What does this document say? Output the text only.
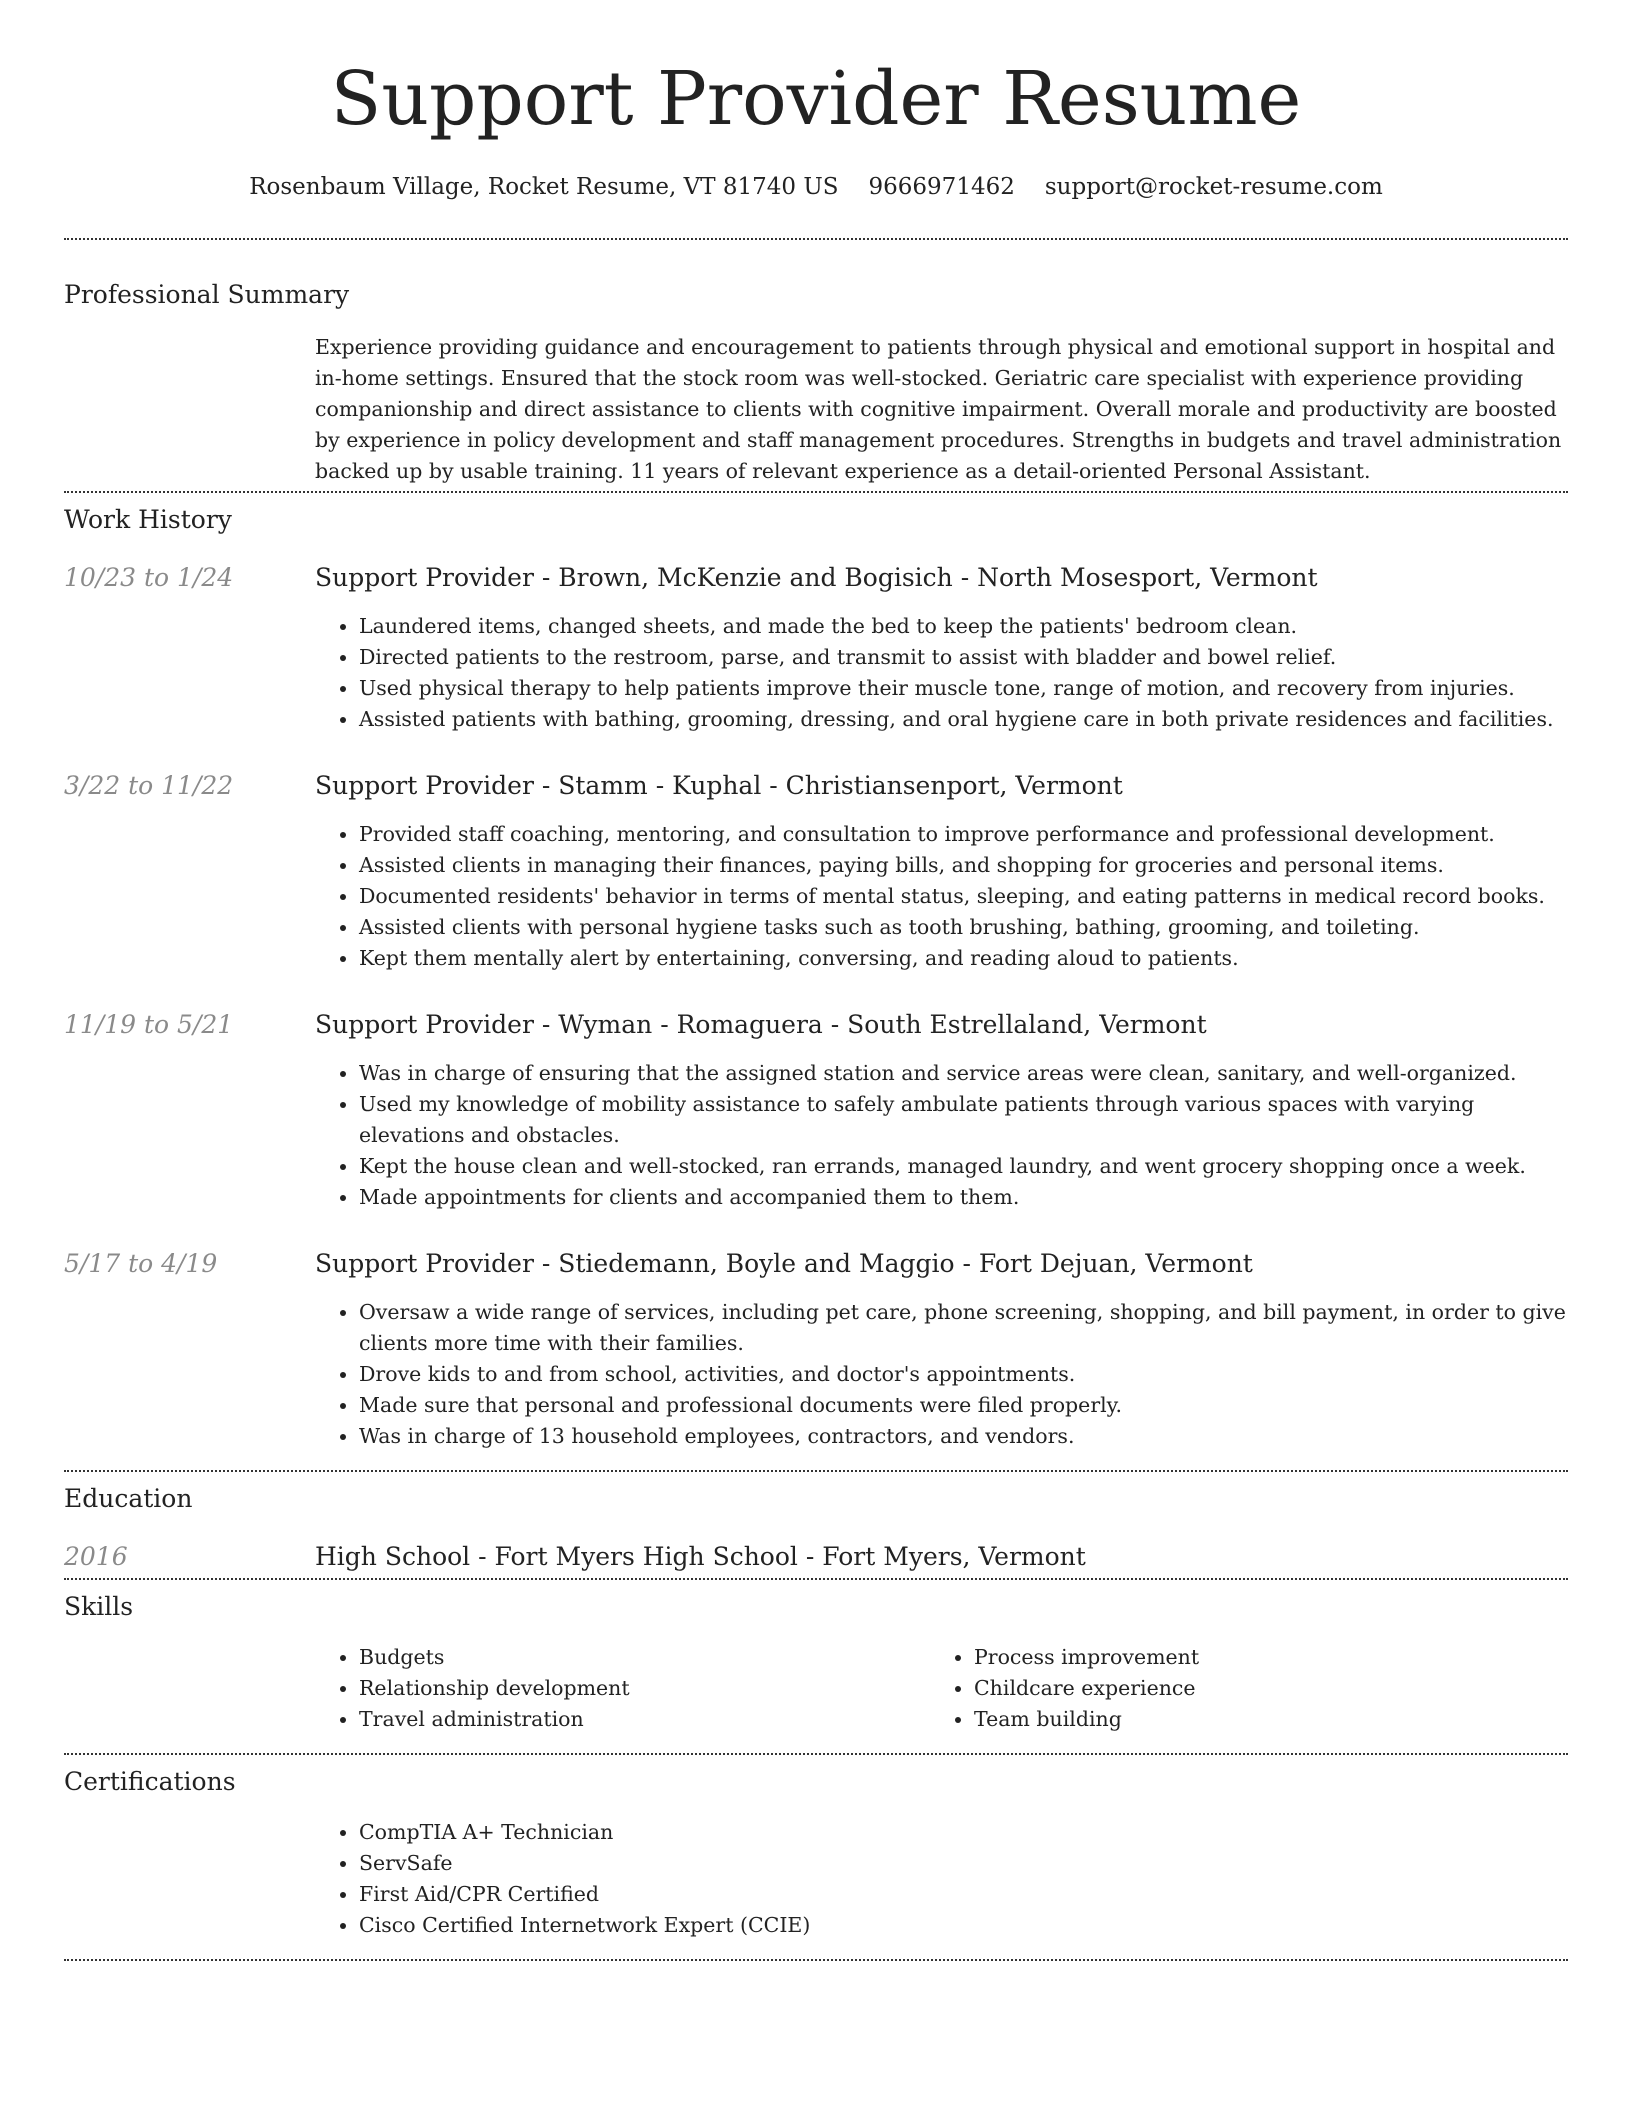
Support Provider Resume
Rosenbaum Village, Rocket Resume, VT 81740 US 9666971462 support@rocket-resume.com
Professional Summary
Experience providing guidance and encouragement to patients through physical and emotional support in hospital and in-home settings. Ensured that the stock room was well-stocked. Geriatric care specialist with experience providing companionship and direct assistance to clients with cognitive impairment. Overall morale and productivity are boosted by experience in policy development and staff management procedures. Strengths in budgets and travel administration backed up by usable training. 11 years of relevant experience as a detail-oriented Personal Assistant.
Work History
10/23 to 1/24	Support Provider - Brown, McKenzie and Bogisich - North Mosesport, Vermont
• Laundered items, changed sheets, and made the bed to keep the patients' bedroom clean.
• Directed patients to the restroom, parse, and transmit to assist with bladder and bowel relief.
• Used physical therapy to help patients improve their muscle tone, range of motion, and recovery from injuries.
• Assisted patients with bathing, grooming, dressing, and oral hygiene care in both private residences and facilities.
3/22 to 11/22	Support Provider - Stamm - Kuphal - Christiansenport, Vermont
• Provided staff coaching, mentoring, and consultation to improve performance and professional development.
• Assisted clients in managing their finances, paying bills, and shopping for groceries and personal items.
• Documented residents' behavior in terms of mental status, sleeping, and eating patterns in medical record books.
• Assisted clients with personal hygiene tasks such as tooth brushing, bathing, grooming, and toileting.
• Kept them mentally alert by entertaining, conversing, and reading aloud to patients.
11/19 to 5/21	Support Provider - Wyman - Romaguera - South Estrellaland, Vermont
• Was in charge of ensuring that the assigned station and service areas were clean, sanitary, and well-organized.
• Used my knowledge of mobility assistance to safely ambulate patients through various spaces with varying elevations and obstacles.
• Kept the house clean and well-stocked, ran errands, managed laundry, and went grocery shopping once a week.
• Made appointments for clients and accompanied them to them.
5/17 to 4/19	Support Provider - Stiedemann, Boyle and Maggio - Fort Dejuan, Vermont
• Oversaw a wide range of services, including pet care, phone screening, shopping, and bill payment, in order to give clients more time with their families.
• Drove kids to and from school, activities, and doctor's appointments.
• Made sure that personal and professional documents were filed properly.
• Was in charge of 13 household employees, contractors, and vendors.
Education
2016	High School - Fort Myers High School - Fort Myers, Vermont
Skills
• Budgets
• Relationship development
• Travel administration
• Process improvement
• Childcare experience
• Team building
Certifications
• CompTIA A+ Technician
• ServSafe
• First Aid/CPR Certified
• Cisco Certified Internetwork Expert (CCIE)
